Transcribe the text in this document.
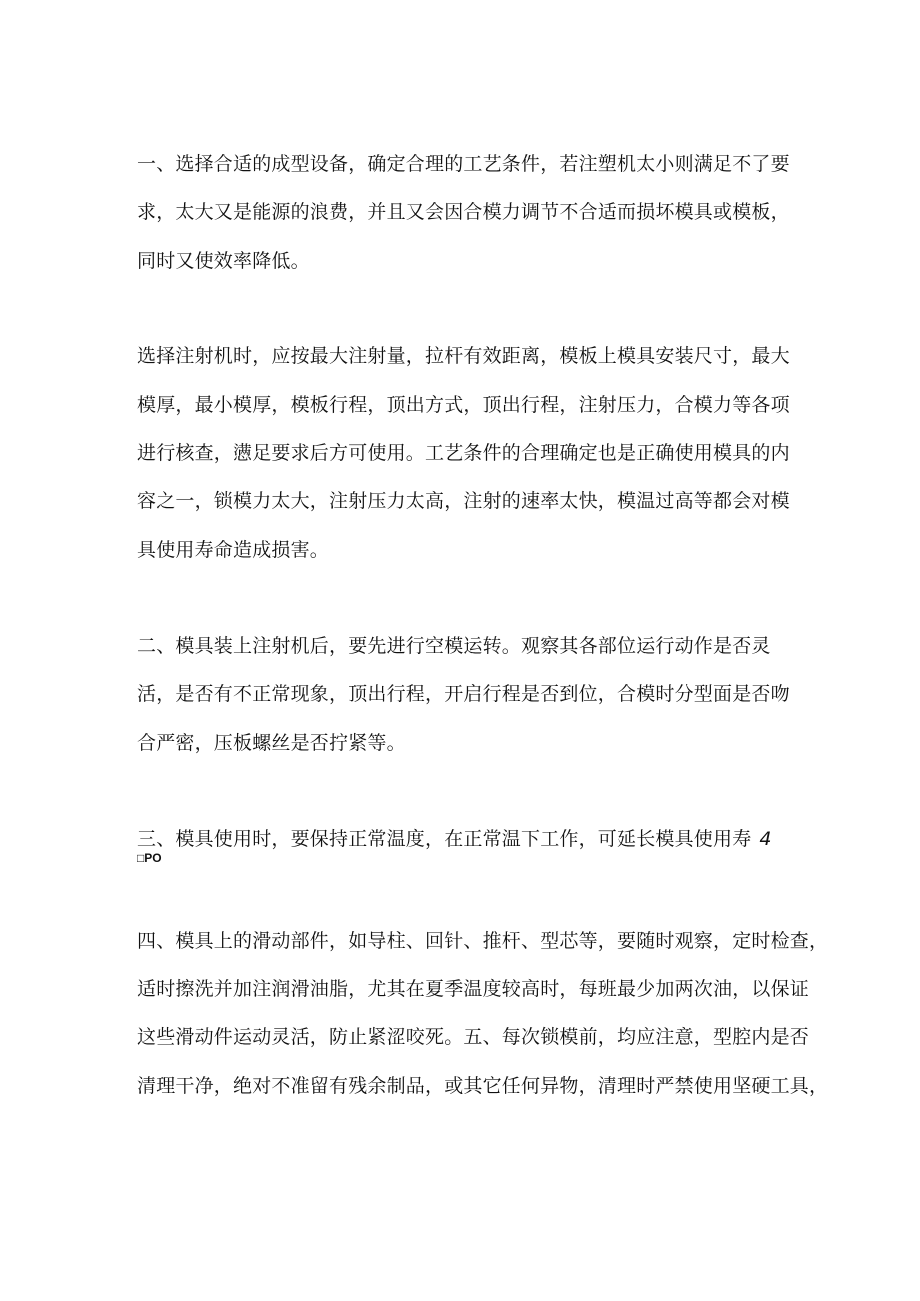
一、选择合适的成型设备，确定合理的工艺条件，若注塑机太小则满足不了要
求，太大又是能源的浪费，并且又会因合模力调节不合适而损坏模具或模板，
同时又使效率降低。
选择注射机时，应按最大注射量，拉杆有效距离，模板上模具安装尺寸，最大
模厚，最小模厚，模板行程，顶出方式，顶出行程，注射压力，合模力等各项
进行核查，懑足要求后方可使用。工艺条件的合理确定也是正确使用模具的内
容之一，锁模力太大，注射压力太高，注射的速率太快，模温过高等都会对模
具使用寿命造成损害。
二、模具装上注射机后，要先进行空模运转。观察其各部位运行动作是否灵
活，是否有不正常现象，顶出行程，开启行程是否到位，合模时分型面是否吻
合严密，压板螺丝是否拧紧等。
三、模具使用时，要保持正常温度，在正常温下工作，可延长模具使用寿 4
□PO
四、模具上的滑动部件，如导柱、回针、推杆、型芯等，要随时观察，定时检查，
适时擦洗并加注润滑油脂，尤其在夏季温度较高时，每班最少加两次油，以保证
这些滑动件运动灵活，防止紧涩咬死。五、每次锁模前，均应注意，型腔内是否
清理干净，绝对不准留有残余制品，或其它任何异物，清理时严禁使用坚硬工具，
